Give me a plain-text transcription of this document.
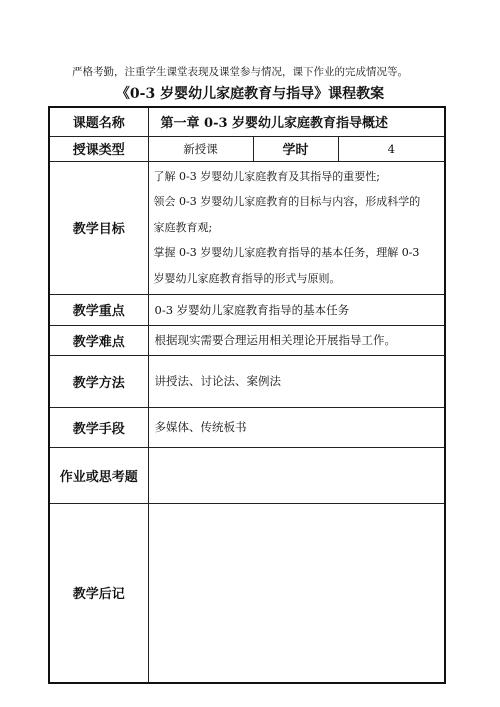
严格考勤，注重学生课堂表现及课堂参与情况，课下作业的完成情况等。
《0-3 岁婴幼儿家庭教育与指导》课程教案
课题名称	第一章 0-3 岁婴幼儿家庭教育指导概述		
授课类型	新授课	学时	4
教学目标	了解 0-3 岁婴幼儿家庭教育及其指导的重要性;
领会 0-3 岁婴幼儿家庭教育的目标与内容，形成科学的
家庭教育观;
掌握 0-3 岁婴幼儿家庭教育指导的基本任务，理解 0-3
岁婴幼儿家庭教育指导的形式与原则。		

教学重点	0-3 岁婴幼儿家庭教育指导的基本任务		
教学难点	根据现实需要合理运用相关理论开展指导工作。		
教学方法	讲授法、讨论法、案例法		
教学手段	多媒体、传统板书		
作业或思考题			
教学后记			
